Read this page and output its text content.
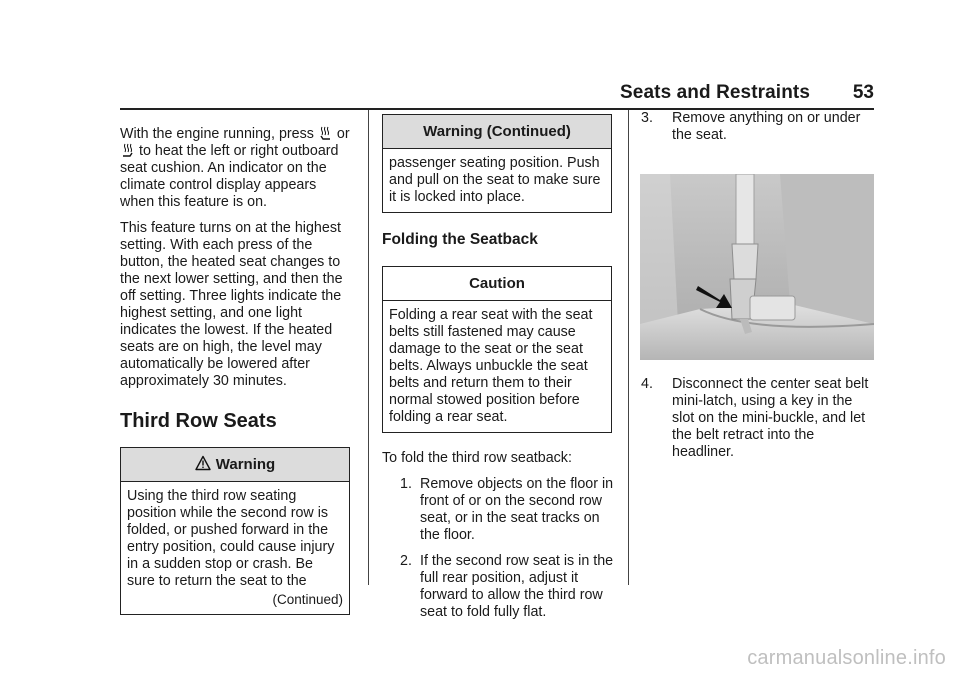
Seats and Restraints 53

With the engine running, press or  to heat the left or right outboard seat cushion. An indicator on the climate control display appears when this feature is on.

This feature turns on at the highest setting. With each press of the button, the heated seat changes to the next lower setting, and then the off setting. Three lights indicate the highest setting, and one light indicates the lowest. If the heated seats are on high, the level may automatically be lowered after approximately 30 minutes.

Third Row Seats
Warning
Using the third row seating position while the second row is folded, or pushed forward in the entry position, could cause injury in a sudden stop or crash. Be sure to return the seat to the
(Continued)
Warning (Continued)
passenger seating position. Push and pull on the seat to make sure it is locked into place.
Folding the Seatback
Caution
Folding a rear seat with the seat belts still fastened may cause damage to the seat or the seat belts. Always unbuckle the seat belts and return them to their normal stowed position before folding a rear seat.

To fold the third row seatback:

1. Remove objects on the floor in front of or on the second row seat, or in the seat tracks on the floor.
2. If the second row seat is in the full rear position, adjust it forward to allow the third row seat to fold fully flat.
3. Remove anything on or under the seat.
4. Disconnect the center seat belt mini-latch, using a key in the slot on the mini-buckle, and let the belt retract into the headliner.
carmanualsonline.info
